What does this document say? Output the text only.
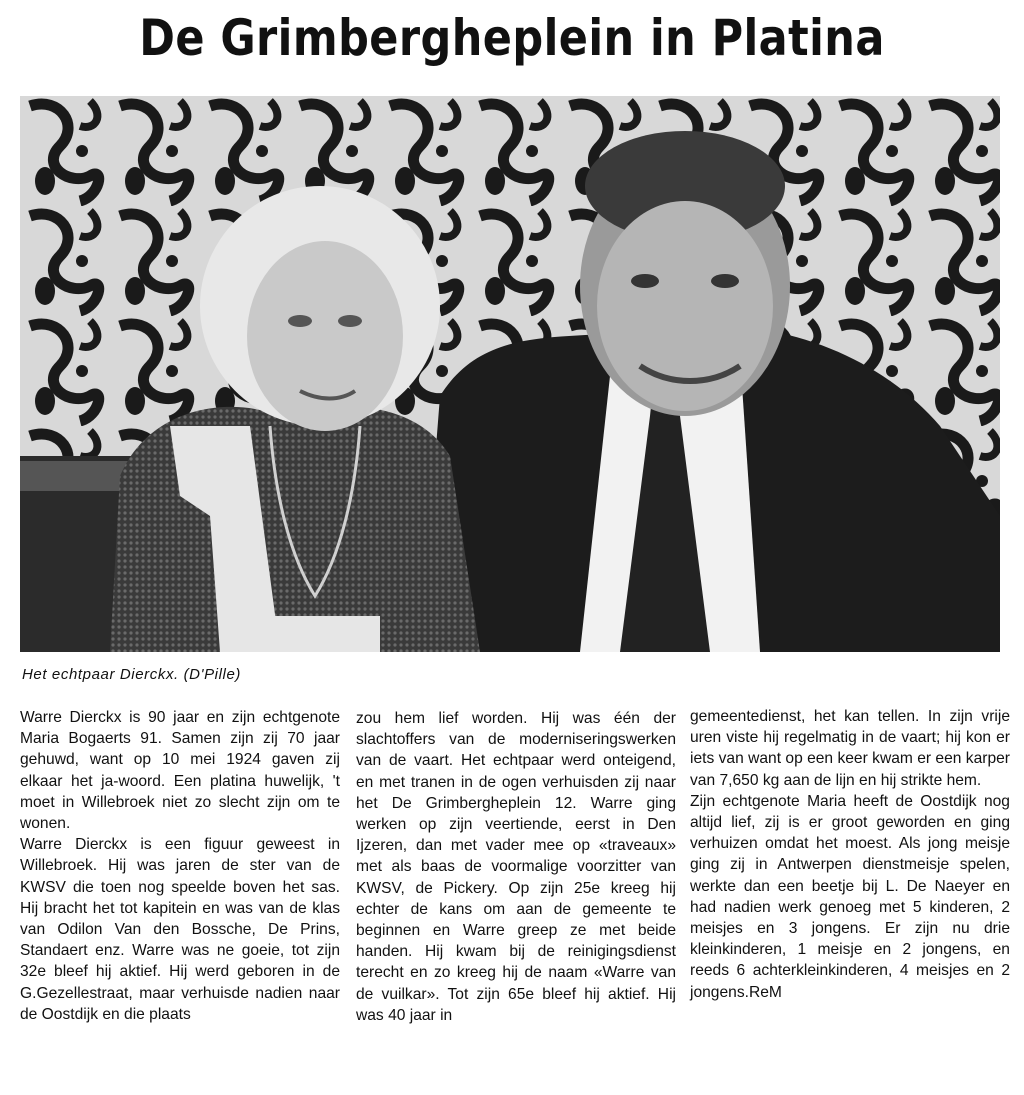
De Grimbergheplein in Platina
Het echtpaar Dierckx. (D'Pille)

Warre Dierckx is 90 jaar en zijn echtgenote Maria Bogaerts 91. Samen zijn zij 70 jaar gehuwd, want op 10 mei 1924 gaven zij elkaar het ja-woord. Een platina huwelijk, 't moet in Willebroek niet zo slecht zijn om te wonen.

Warre Dierckx is een figuur geweest in Willebroek. Hij was jaren de ster van de KWSV die toen nog speelde boven het sas. Hij bracht het tot kapitein en was van de klas van Odilon Van den Bossche, De Prins, Standaert enz. Warre was ne goeie, tot zijn 32e bleef hij aktief. Hij werd geboren in de G.Gezellestraat, maar verhuisde nadien naar de Oostdijk en die plaats

zou hem lief worden. Hij was één der slachtoffers van de moderniseringswerken van de vaart. Het echtpaar werd onteigend, en met tranen in de ogen verhuisden zij naar het De Grimbergheplein 12. Warre ging werken op zijn veertiende, eerst in Den Ijzeren, dan met vader mee op «traveaux» met als baas de voormalige voorzitter van KWSV, de Pickery. Op zijn 25e kreeg hij echter de kans om aan de gemeente te beginnen en Warre greep ze met beide handen. Hij kwam bij de reinigingsdienst terecht en zo kreeg hij de naam «Warre van de vuilkar». Tot zijn 65e bleef hij aktief. Hij was 40 jaar in

gemeentedienst, het kan tellen. In zijn vrije uren viste hij regelmatig in de vaart; hij kon er iets van want op een keer kwam er een karper van 7,650 kg aan de lijn en hij strikte hem.

Zijn echtgenote Maria heeft de Oostdijk nog altijd lief, zij is er groot geworden en ging verhuizen omdat het moest. Als jong meisje ging zij in Antwerpen dienstmeisje spelen, werkte dan een beetje bij L. De Naeyer en had nadien werk genoeg met 5 kinderen, 2 meisjes en 3 jongens. Er zijn nu drie kleinkinderen, 1 meisje en 2 jongens, en reeds 6 achterkleinkinderen, 4 meisjes en 2 jongens.ReM
